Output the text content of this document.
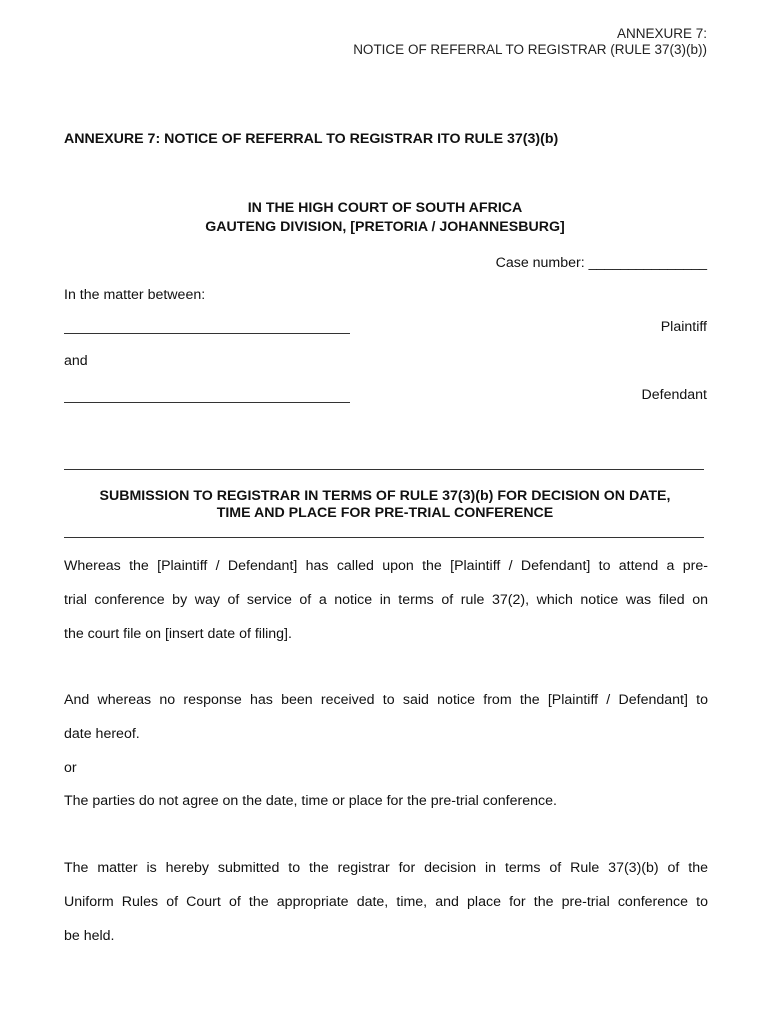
ANNEXURE 7:
NOTICE OF REFERRAL TO REGISTRAR (RULE 37(3)(b))
ANNEXURE 7: NOTICE OF REFERRAL TO REGISTRAR ITO RULE 37(3)(b)
IN THE HIGH COURT OF SOUTH AFRICA
GAUTENG DIVISION, [PRETORIA / JOHANNESBURG]
Case number: _______________
In the matter between:
Plaintiff
and
Defendant
SUBMISSION TO REGISTRAR IN TERMS OF RULE 37(3)(b) FOR DECISION ON DATE,
TIME AND PLACE FOR PRE-TRIAL CONFERENCE
Whereas the [Plaintiff / Defendant] has called upon the [Plaintiff / Defendant] to attend a pre-
trial conference by way of service of a notice in terms of rule 37(2), which notice was filed on
the court file on [insert date of filing].
And whereas no response has been received to said notice from the [Plaintiff / Defendant] to
date hereof.
or
The parties do not agree on the date, time or place for the pre-trial conference.
The matter is hereby submitted to the registrar for decision in terms of Rule 37(3)(b) of the
Uniform Rules of Court of the appropriate date, time, and place for the pre-trial conference to
be held.
